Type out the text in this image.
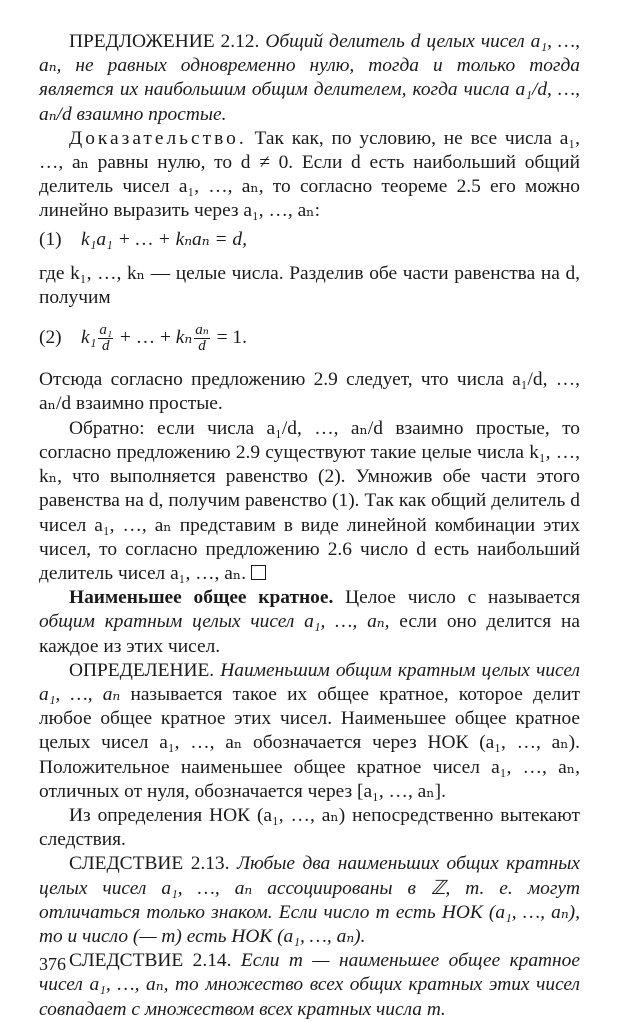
ПРЕДЛОЖЕНИЕ 2.12. Общий делитель d целых чисел a₁, …, aₙ, не равных одновременно нулю, тогда и только тогда является их наибольшим общим делителем, когда числа a₁/d, …, aₙ/d взаимно простые.

Доказательство. Так как, по условию, не все числа a₁, …, aₙ равны нулю, то d ≠ 0. Если d есть наибольший общий делитель чисел a₁, …, aₙ, то согласно теореме 2.5 его можно линейно выразить через a₁, …, aₙ:

(1) k₁a₁ + … + kₙaₙ = d,

где k₁, …, kₙ — целые числа. Разделив обе части равенства на d, получим

(2) $k_1 \frac{\text{a₁}}{d}$ + … + kₙ $\frac{\text{aₙ}}{d} = 1$.

Отсюда согласно предложению 2.9 следует, что числа a₁/d, …, aₙ/d взаимно простые.

Обратно: если числа a₁/d, …, aₙ/d взаимно простые, то согласно предложению 2.9 существуют такие целые числа k₁, …, kₙ, что выполняется равенство (2). Умножив обе части этого равенства на d, получим равенство (1). Так как общий делитель d чисел a₁, …, aₙ представим в виде линейной комбинации этих чисел, то согласно предложению 2.6 число d есть наибольший делитель чисел a₁, …, aₙ.

Наименьшее общее кратное. Целое число c называется общим кратным целых чисел a₁, …, aₙ, если оно делится на каждое из этих чисел.

ОПРЕДЕЛЕНИЕ. Наименьшим общим кратным целых чисел a₁, …, aₙ называется такое их общее кратное, которое делит любое общее кратное этих чисел. Наименьшее общее кратное целых чисел a₁, …, aₙ обозначается через НОК (a₁, …, aₙ). Положительное наименьшее общее кратное чисел a₁, …, aₙ, отличных от нуля, обозначается через [a₁, …, aₙ].

Из определения НОК (a₁, …, aₙ) непосредственно вытекают следствия.

СЛЕДСТВИЕ 2.13. Любые два наименьших общих кратных целых чисел a₁, …, aₙ ассоциированы в ℤ, т. е. могут отличаться только знаком. Если число m есть НОК (a₁, …, aₙ), то и число (— m) есть НОК (a₁, …, aₙ).

СЛЕДСТВИЕ 2.14. Если m — наименьшее общее кратное чисел a₁, …, aₙ, то множество всех общих кратных этих чисел совпадает с множеством всех кратных числа m.

376
